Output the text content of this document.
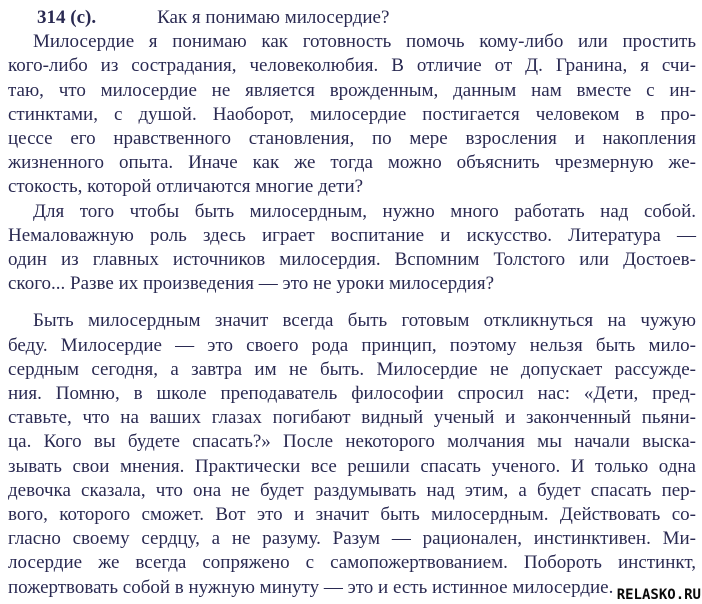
314 (с).	Как я понимаю милосердие?
Милосердие я понимаю как готовность помочь кому-либо или простить
кого-либо из сострадания, человеколюбия. В отличие от Д. Гранина, я счи-
таю, что милосердие не является врожденным, данным нам вместе с ин-
стинктами, с душой. Наоборот, милосердие постигается человеком в про-
цессе его нравственного становления, по мере взросления и накопления
жизненного опыта. Иначе как же тогда можно объяснить чрезмерную же-
стокость, которой отличаются многие дети?
Для того чтобы быть милосердным, нужно много работать над собой.
Немаловажную роль здесь играет воспитание и искусство. Литература —
один из главных источников милосердия. Вспомним Толстого или Достоев-
ского... Разве их произведения — это не уроки милосердия?
Быть милосердным значит всегда быть готовым откликнуться на чужую
беду. Милосердие — это своего рода принцип, поэтому нельзя быть мило-
сердным сегодня, а завтра им не быть. Милосердие не допускает рассужде-
ния. Помню, в школе преподаватель философии спросил нас: «Дети, пред-
ставьте, что на ваших глазах погибают видный ученый и законченный пьяни-
ца. Кого вы будете спасать?» После некоторого молчания мы начали выска-
зывать свои мнения. Практически все решили спасать ученого. И только одна
девочка сказала, что она не будет раздумывать над этим, а будет спасать пер-
вого, которого сможет. Вот это и значит быть милосердным. Действовать со-
гласно своему сердцу, а не разуму. Разум — рационален, инстинктивен. Ми-
лосердие же всегда сопряжено с самопожертвованием. Побороть инстинкт,
пожертвовать собой в нужную минуту — это и есть истинное милосердие. RELASKO.RU
